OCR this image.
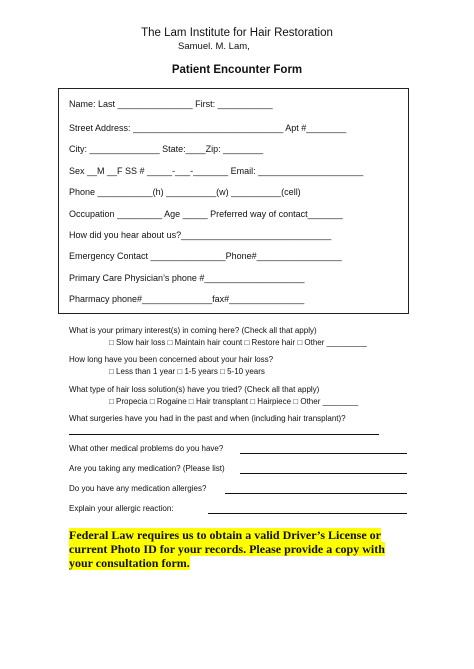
The Lam Institute for Hair Restoration
Samuel. M. Lam,
Patient Encounter Form
Name: Last _______________ First: ___________
Street Address: ______________________________ Apt #________
City: ______________ State:____Zip: ________
Sex __M __F SS # _____-___-_______ Email: _____________________
Phone ___________(h) __________(w) __________(cell)
Occupation _________ Age _____ Preferred way of contact_______
How did you hear about us?______________________________
Emergency Contact _______________Phone#_________________
Primary Care Physician’s phone #____________________
Pharmacy phone#______________fax#_______________
What is your primary interest(s) in coming here? (Check all that apply)
□ Slow hair loss □ Maintain hair count □ Restore hair □ Other _________
How long have you been concerned about your hair loss?
□ Less than 1 year □ 1-5 years □ 5-10 years
What type of hair loss solution(s) have you tried? (Check all that apply)
□ Propecia □ Rogaine □ Hair transplant □ Hairpiece □ Other ________
What surgeries have you had in the past and when (including hair transplant)?
What other medical problems do you have?
Are you taking any medication? (Please list)
Do you have any medication allergies?
Explain your allergic reaction:
Federal Law requires us to obtain a valid Driver’s License or current Photo ID for your records. Please provide a copy with your consultation form.
